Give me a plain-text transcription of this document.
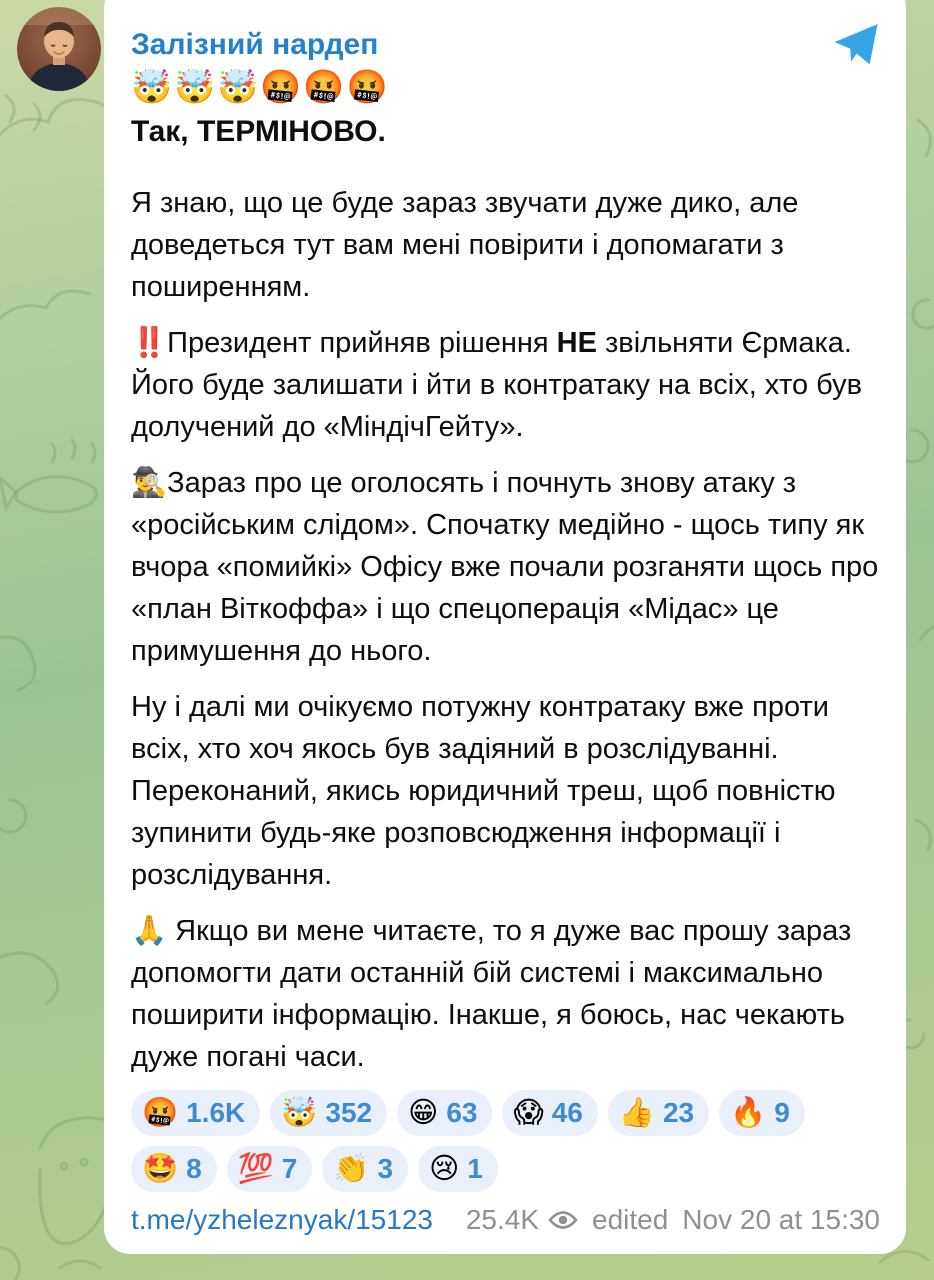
Залізний нардеп
🤯🤯🤯🤬🤬🤬
Так, ТЕРМІНОВО.

Я знаю, що це буде зараз звучати дуже дико, але доведеться тут вам мені повірити і допомагати з поширенням.

‼️Президент прийняв рішення НЕ звільняти Єрмака. Його буде залишати і йти в контратаку на всіх, хто був долучений до «МіндічГейту».

🕵️‍♂️Зараз про це оголосять і почнуть знову атаку з «російським слідом». Спочатку медійно - щось типу як вчора «помийкі» Офісу вже почали розганяти щось про «план Віткоффа» і що спецоперація «Мідас» це примушення до нього.

Ну і далі ми очікуємо потужну контратаку вже проти всіх, хто хоч якось був задіяний в розслідуванні. Переконаний, якись юридичний треш, щоб повністю зупинити будь-яке розповсюдження інформації і розслідування.

🙏 Якщо ви мене читаєте, то я дуже вас прошу зараз допомогти дати останній бій системі і максимально поширити інформацію. Інакше, я боюсь, нас чекають дуже погані часи.

🤬 1.6K 🤯 352 😁 63 😱 46 👍 23 🔥 9
🤩 8 💯 7 👏 3 😢 1
t.me/yzheleznyak/15123	25.4K edited Nov 20 at 15:30
